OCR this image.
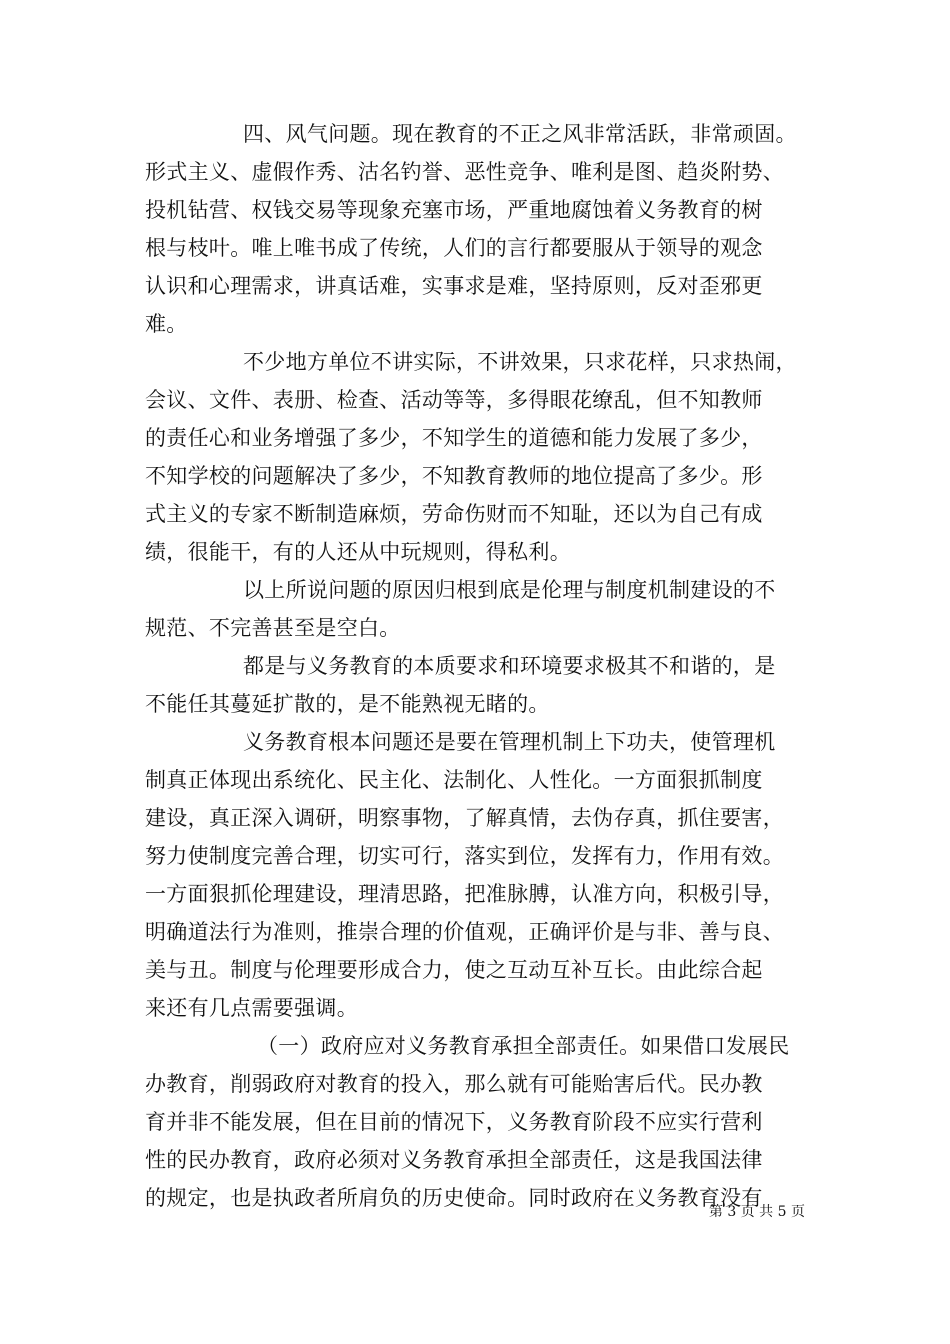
四、风气问题。现在教育的不正之风非常活跃，非常顽固。
形式主义、虚假作秀、沽名钓誉、恶性竞争、唯利是图、趋炎附势、
投机钻营、权钱交易等现象充塞市场，严重地腐蚀着义务教育的树
根与枝叶。唯上唯书成了传统，人们的言行都要服从于领导的观念
认识和心理需求，讲真话难，实事求是难，坚持原则，反对歪邪更
难。
不少地方单位不讲实际，不讲效果，只求花样，只求热闹，
会议、文件、表册、检查、活动等等，多得眼花缭乱，但不知教师
的责任心和业务增强了多少，不知学生的道德和能力发展了多少，
不知学校的问题解决了多少，不知教育教师的地位提高了多少。形
式主义的专家不断制造麻烦，劳命伤财而不知耻，还以为自己有成
绩，很能干，有的人还从中玩规则，得私利。
以上所说问题的原因归根到底是伦理与制度机制建设的不
规范、不完善甚至是空白。
都是与义务教育的本质要求和环境要求极其不和谐的，是
不能任其蔓延扩散的，是不能熟视无睹的。
义务教育根本问题还是要在管理机制上下功夫，使管理机
制真正体现出系统化、民主化、法制化、人性化。一方面狠抓制度
建设，真正深入调研，明察事物，了解真情，去伪存真，抓住要害，
努力使制度完善合理，切实可行，落实到位，发挥有力，作用有效。
一方面狠抓伦理建设，理清思路，把准脉膊，认准方向，积极引导，
明确道法行为准则，推崇合理的价值观，正确评价是与非、善与良、
美与丑。制度与伦理要形成合力，使之互动互补互长。由此综合起
来还有几点需要强调。
（一）政府应对义务教育承担全部责任。如果借口发展民
办教育，削弱政府对教育的投入，那么就有可能贻害后代。民办教
育并非不能发展，但在目前的情况下，义务教育阶段不应实行营利
性的民办教育，政府必须对义务教育承担全部责任，这是我国法律
的规定，也是执政者所肩负的历史使命。同时政府在义务教育没有
第 3 页 共 5 页
